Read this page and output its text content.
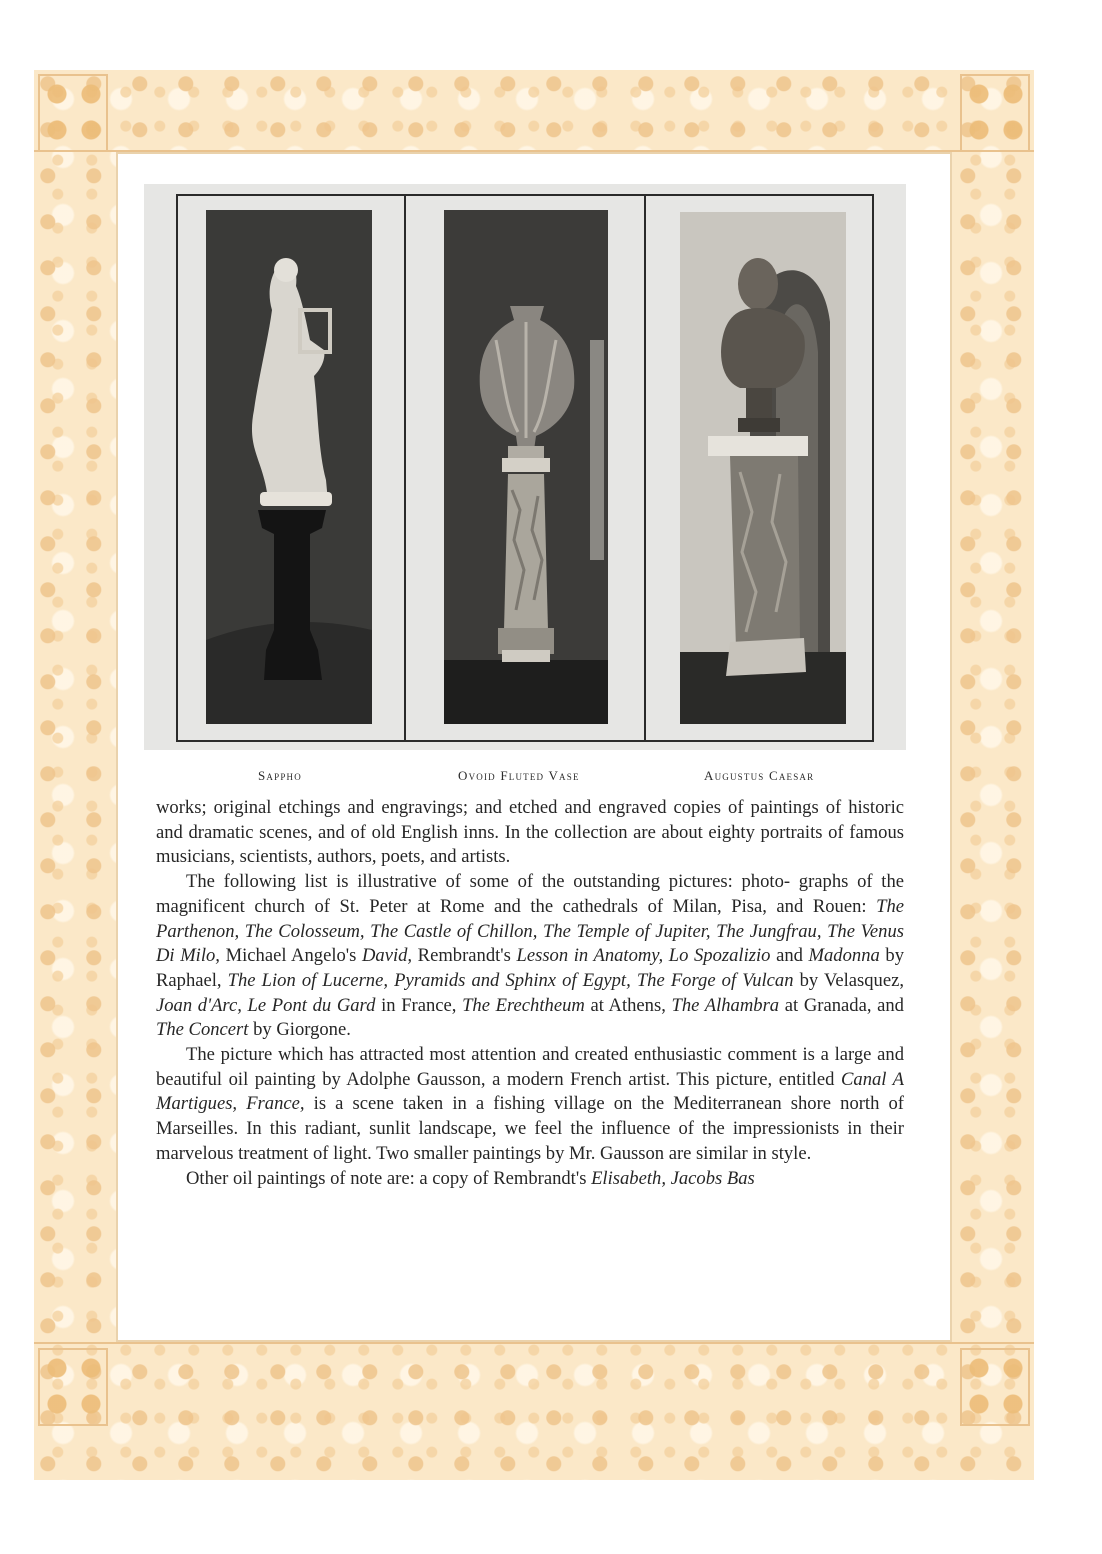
Sappho	Ovoid Fluted Vase	Augustus Caesar

works; original etchings and engravings; and etched and engraved copies of paintings of historic and dramatic scenes, and of old English inns. In the collection are about eighty portraits of famous musicians, scientists, authors, poets, and artists.

The following list is illustrative of some of the outstanding pictures: photo- graphs of the magnificent church of St. Peter at Rome and the cathedrals of Milan, Pisa, and Rouen: The Parthenon, The Colosseum, The Castle of Chillon, The Temple of Jupiter, The Jungfrau, The Venus Di Milo, Michael Angelo's David, Rembrandt's Lesson in Anatomy, Lo Spozalizio and Madonna by Raphael, The Lion of Lucerne, Pyramids and Sphinx of Egypt, The Forge of Vulcan by Velasquez, Joan d'Arc, Le Pont du Gard in France, The Erechtheum at Athens, The Alhambra at Granada, and The Concert by Giorgone.

The picture which has attracted most attention and created enthusiastic comment is a large and beautiful oil painting by Adolphe Gausson, a modern French artist. This picture, entitled Canal A Martigues, France, is a scene taken in a fishing village on the Mediterranean shore north of Marseilles. In this radiant, sunlit landscape, we feel the influence of the impressionists in their marvelous treatment of light. Two smaller paintings by Mr. Gausson are similar in style.

Other oil paintings of note are: a copy of Rembrandt's Elisabeth, Jacobs Bas
